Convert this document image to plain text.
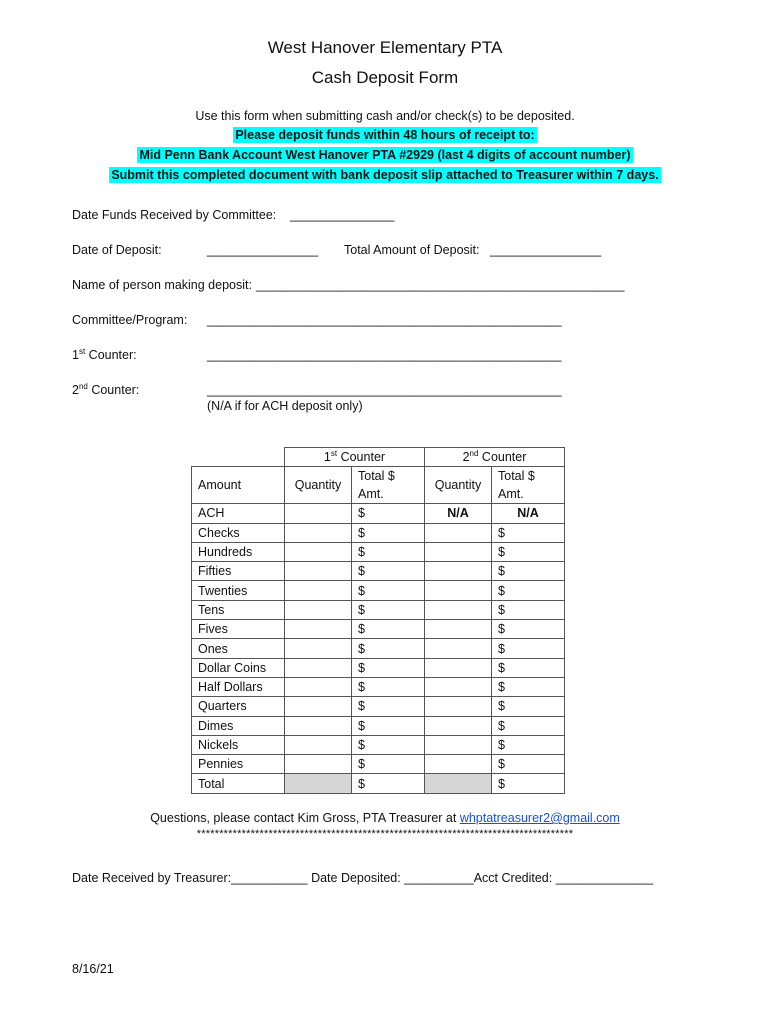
West Hanover Elementary PTA
Cash Deposit Form
Use this form when submitting cash and/or check(s) to be deposited.
Please deposit funds within 48 hours of receipt to:
Mid Penn Bank Account West Hanover PTA #2929 (last 4 digits of account number)
Submit this completed document with bank deposit slip attached to Treasurer within 7 days.
Date Funds Received by Committee: _______________
Date of Deposit:	________________ Total Amount of Deposit: ________________
Name of person making deposit: _____________________________________________________
Committee/Program: ___________________________________________________
1st Counter:	___________________________________________________
2nd Counter:	___________________________________________________
(N/A if for ACH deposit only)
	1st Counter		2nd Counter	
Amount	Quantity	Total $ Amt.	Quantity	Total $ Amt.
ACH		$	N/A	N/A
Checks		$		$
Hundreds		$		$
Fifties		$		$
Twenties		$		$
Tens		$		$
Fives		$		$
Ones		$		$
Dollar Coins		$		$
Half Dollars		$		$
Quarters		$		$
Dimes		$		$
Nickels		$		$
Pennies		$		$
Total		$		$
Questions, please contact Kim Gross, PTA Treasurer at whptatreasurer2@gmail.com
************************************************************************************
Date Received by Treasurer:___________ Date Deposited: __________Acct Credited: ______________
8/16/21
